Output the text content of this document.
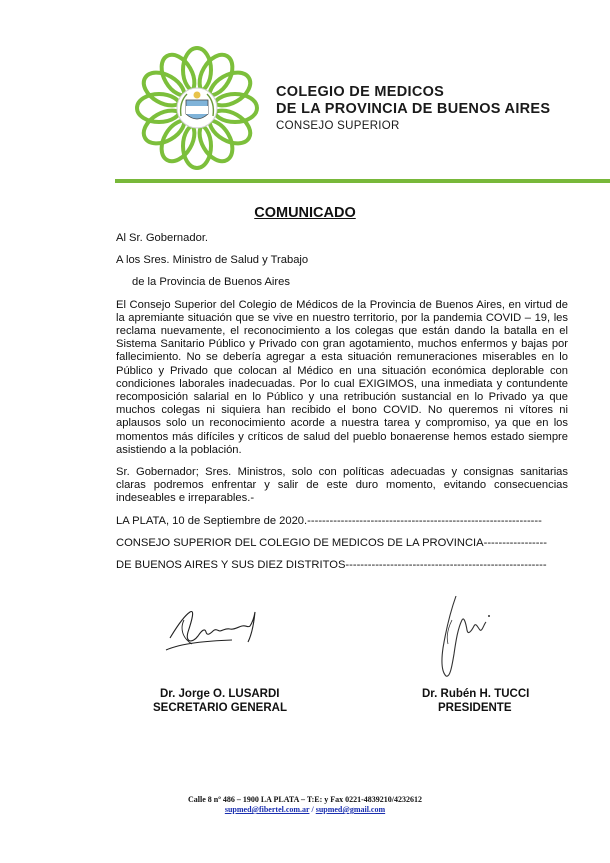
COLEGIO DE MEDICOS
DE LA PROVINCIA DE BUENOS AIRES
CONSEJO SUPERIOR
COMUNICADO

Al Sr. Gobernador.

A los Sres. Ministro de Salud y Trabajo

de la Provincia de Buenos Aires

El Consejo Superior del Colegio de Médicos de la Provincia de Buenos Aires, en virtud de la apremiante situación que se vive en nuestro territorio, por la pandemia COVID – 19, les reclama nuevamente, el reconocimiento a los colegas que están dando la batalla en el Sistema Sanitario Público y Privado con gran agotamiento, muchos enfermos y bajas por fallecimiento. No se debería agregar a esta situación remuneraciones miserables en lo Público y Privado que colocan al Médico en una situación económica deplorable con condiciones laborales inadecuadas. Por lo cual EXIGIMOS, una inmediata y contundente recomposición salarial en lo Público y una retribución sustancial en lo Privado ya que muchos colegas ni siquiera han recibido el bono COVID. No queremos ni vítores ni aplausos solo un reconocimiento acorde a nuestra tarea y compromiso, ya que en los momentos más difíciles y críticos de salud del pueblo bonaerense hemos estado siempre asistiendo a la población.

Sr. Gobernador; Sres. Ministros, solo con políticas adecuadas y consignas sanitarias claras podremos enfrentar y salir de este duro momento, evitando consecuencias indeseables e irreparables.-

LA PLATA, 10 de Septiembre de 2020.---------------------------------------------------------------

CONSEJO SUPERIOR DEL COLEGIO DE MEDICOS DE LA PROVINCIA-----------------

DE BUENOS AIRES Y SUS DIEZ DISTRITOS------------------------------------------------------

Dr. Jorge O. LUSARDI
SECRETARIO GENERAL
Dr. Rubén H. TUCCI
PRESIDENTE
Calle 8 nº 486 – 1900 LA PLATA – T:E: y Fax 0221-4839210/4232612
supmed@fibertel.com.ar / supmed@gmail.com
